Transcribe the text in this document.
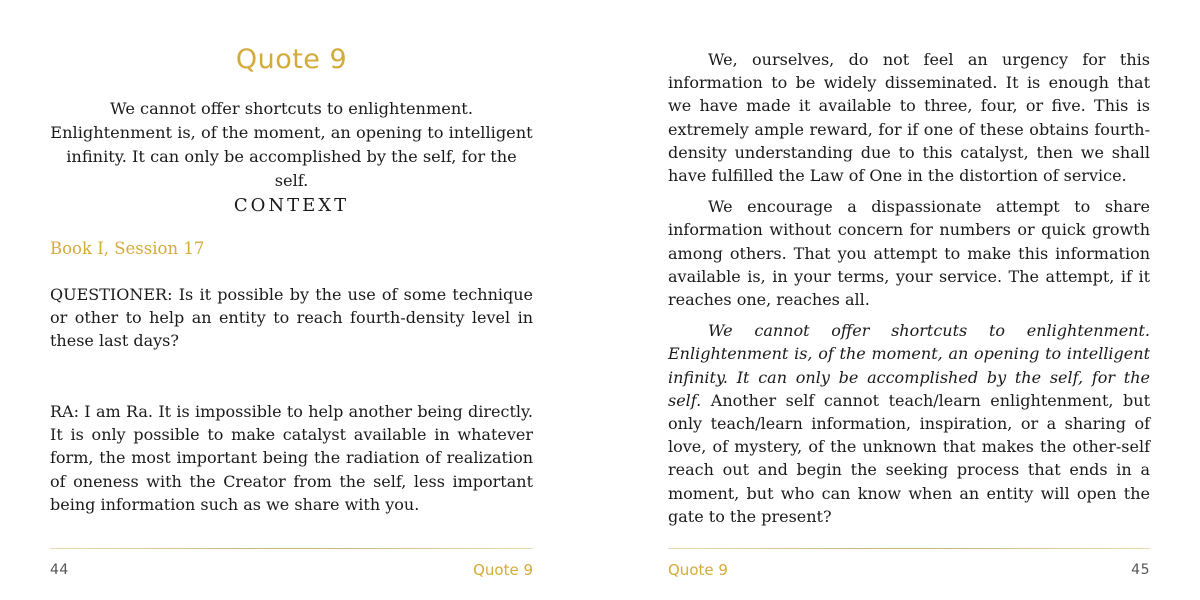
Quote 9
We cannot offer shortcuts to enlightenment. Enlightenment is, of the moment, an opening to intelligent infinity. It can only be accomplished by the self, for the self.
CONTEXT
Book I, Session 17

QUESTIONER: Is it possible by the use of some technique or other to help an entity to reach fourth-density level in these last days?

RA: I am Ra. It is impossible to help another being directly. It is only possible to make catalyst available in whatever form, the most important being the radiation of realization of oneness with the Creator from the self, less important being information such as we share with you.

44	Quote 9

We, ourselves, do not feel an urgency for this information to be widely disseminated. It is enough that we have made it available to three, four, or five. This is extremely ample reward, for if one of these obtains fourth-density understanding due to this catalyst, then we shall have fulfilled the Law of One in the distortion of service.

We encourage a dispassionate attempt to share information without concern for numbers or quick growth among others. That you attempt to make this information available is, in your terms, your service. The attempt, if it reaches one, reaches all.

We cannot offer shortcuts to enlightenment. Enlightenment is, of the moment, an opening to intelligent infinity. It can only be accomplished by the self, for the self. Another self cannot teach/learn enlightenment, but only teach/learn information, inspiration, or a sharing of love, of mystery, of the unknown that makes the other-self reach out and begin the seeking process that ends in a moment, but who can know when an entity will open the gate to the present?

Quote 9	45
